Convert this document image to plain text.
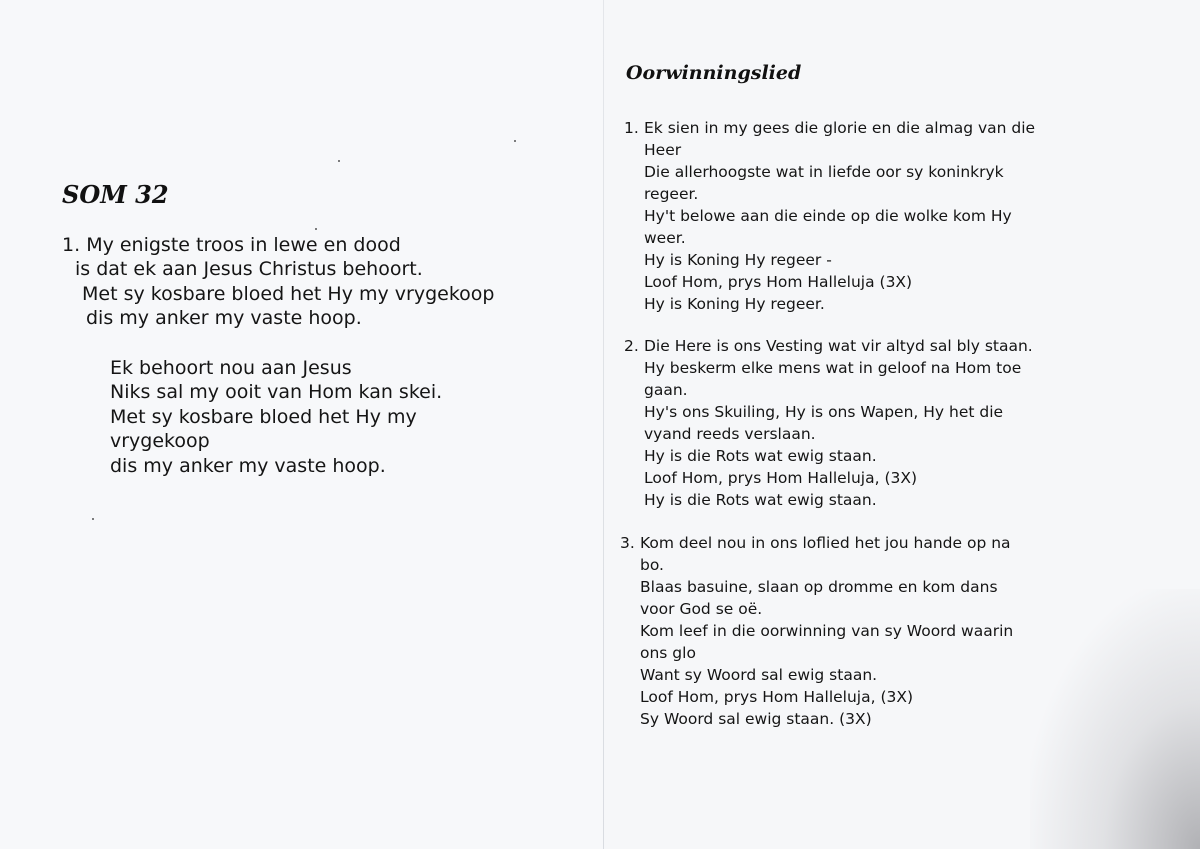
SOM 32
1. My enigste troos in lewe en dood
is dat ek aan Jesus Christus behoort.
Met sy kosbare bloed het Hy my vrygekoop
dis my anker my vaste hoop.
Ek behoort nou aan Jesus
Niks sal my ooit van Hom kan skei.
Met sy kosbare bloed het Hy my
vrygekoop
dis my anker my vaste hoop.
Oorwinningslied
1. Ek sien in my gees die glorie en die almag van die
Heer
Die allerhoogste wat in liefde oor sy koninkryk
regeer.
Hy't belowe aan die einde op die wolke kom Hy
weer.
Hy is Koning Hy regeer -
Loof Hom, prys Hom Halleluja (3X)
Hy is Koning Hy regeer.
2. Die Here is ons Vesting wat vir altyd sal bly staan.
Hy beskerm elke mens wat in geloof na Hom toe
gaan.
Hy's ons Skuiling, Hy is ons Wapen, Hy het die
vyand reeds verslaan.
Hy is die Rots wat ewig staan.
Loof Hom, prys Hom Halleluja, (3X)
Hy is die Rots wat ewig staan.
3. Kom deel nou in ons loflied het jou hande op na
bo.
Blaas basuine, slaan op dromme en kom dans
voor God se oë.
Kom leef in die oorwinning van sy Woord waarin
ons glo
Want sy Woord sal ewig staan.
Loof Hom, prys Hom Halleluja, (3X)
Sy Woord sal ewig staan. (3X)
